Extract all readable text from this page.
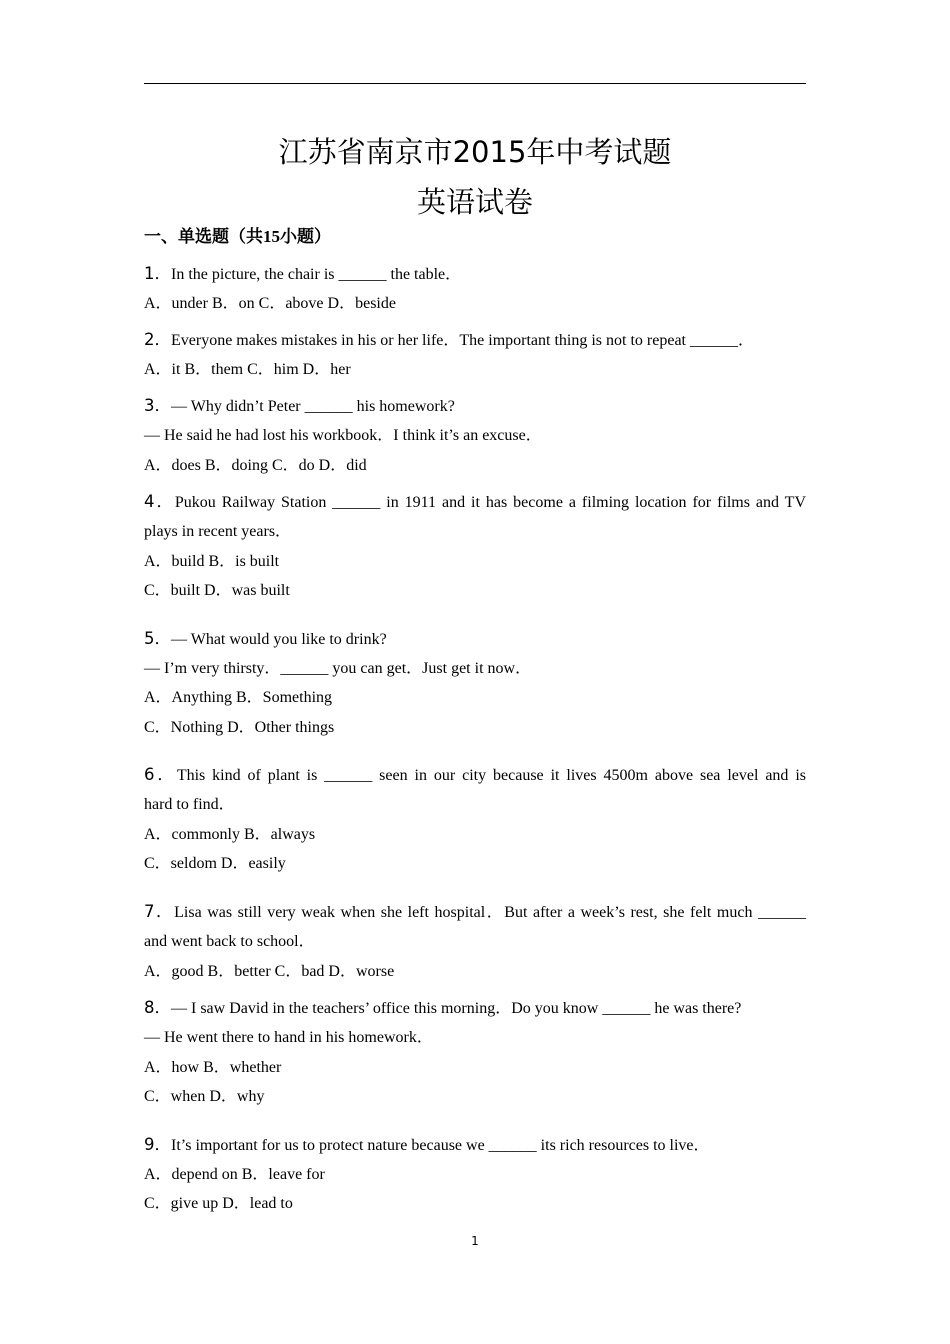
江苏省南京市2015年中考试题
英语试卷
一、单选题（共15小题）
1．In the picture, the chair is ______ the table．
A．under B．on C．above D．beside
2．Everyone makes mistakes in his or her life．The important thing is not to repeat ______．
A．it B．them C．him D．her
3．— Why didn’t Peter ______ his homework?
— He said he had lost his workbook．I think it’s an excuse．
A．does B．doing C．do D．did
4．Pukou Railway Station ______ in 1911 and it has become a filming location for films and TV
plays in recent years．
A．build B．is built
C．built D．was built
5．— What would you like to drink?
— I’m very thirsty．______ you can get．Just get it now．
A．Anything B．Something
C．Nothing D．Other things
6．This kind of plant is ______ seen in our city because it lives 4500m above sea level and is
hard to find．
A．commonly B．always
C．seldom D．easily
7．Lisa was still very weak when she left hospital．But after a week’s rest, she felt much ______
and went back to school．
A．good B．better C．bad D．worse
8．— I saw David in the teachers’ office this morning．Do you know ______ he was there?
— He went there to hand in his homework．
A．how B．whether
C．when D．why
9．It’s important for us to protect nature because we ______ its rich resources to live．
A．depend on B．leave for
C．give up D．lead to
1
